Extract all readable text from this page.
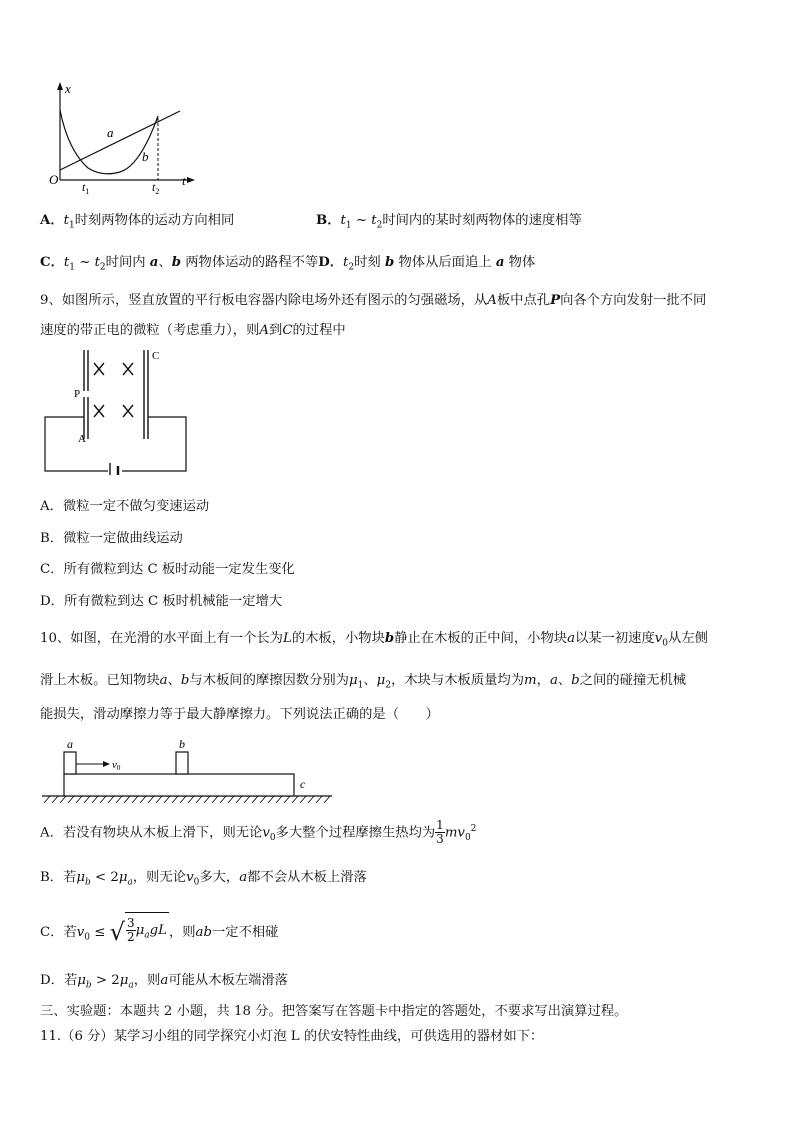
x
t
O
a
b
$t_1$	$t_2$
A．$t_1$时刻两物体的运动方向相同	B．$t_1$ ~ $t_2$时间内的某时刻两物体的速度相等
C．$t_1$ ~ $t_2$时间内 a、b 两物体运动的路程不等D．$t_2$时刻 b 物体从后面追上 a 物体
9、如图所示，竖直放置的平行板电容器内除电场外还有图示的匀强磁场，从A板中点孔P向各个方向发射一批不同
速度的带正电的微粒（考虑重力），则A到C的过程中
C
P
A
A．微粒一定不做匀变速运动
B．微粒一定做曲线运动
C．所有微粒到达 C 板时动能一定发生变化
D．所有微粒到达 C 板时机械能一定增大
10、如图，在光滑的水平面上有一个长为L的木板，小物块b静止在木板的正中间，小物块a以某一初速度$v_0$从左侧
滑上木板。已知物块a、b与木板间的摩擦因数分别为$\mu_1$、$\mu_2$，木块与木板质量均为m，a、b之间的碰撞无机械
能损失，滑动摩擦力等于最大静摩擦力。下列说法正确的是（　　）
a	b
c
v0
A．若没有物块从木板上滑下，则无论$v_0$多大整个过程摩擦生热均为 $\frac{1}{3} mv_0^2$
B．若$\mu_b < 2\mu_a$，则无论$v_0$多大，a都不会从木板上滑落
C．若$v_0$ ≤ √ $\frac{3}{2} \mu_agL$ ，则ab一定不相碰
D．若$\mu_b > 2\mu_a$，则a可能从木板左端滑落
三、实验题：本题共 2 小题，共 18 分。把答案写在答题卡中指定的答题处，不要求写出演算过程。
11.（6 分）某学习小组的同学探究小灯泡 L 的伏安特性曲线，可供选用的器材如下：
